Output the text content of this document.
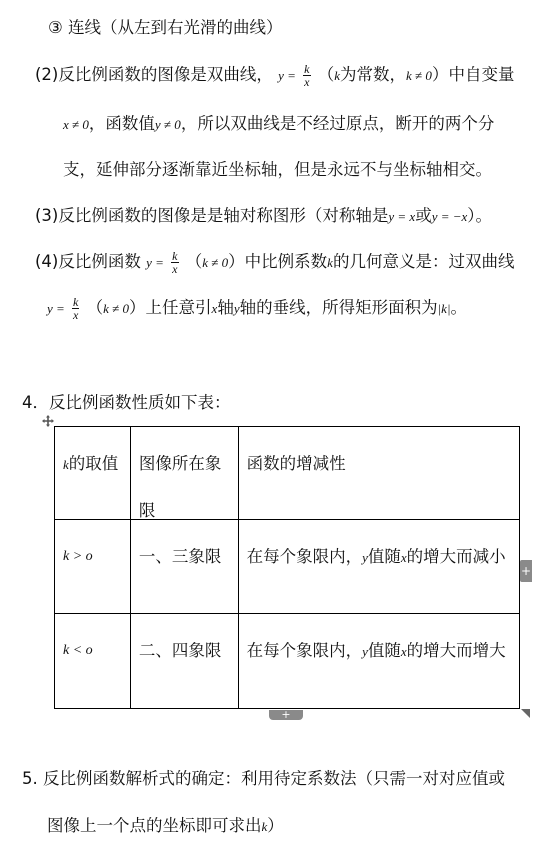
③ 连线（从左到右光滑的曲线）
(2)反比例函数的图像是双曲线， $y = \frac{k}{x} (k$为常数，k ≠ 0）中自变量
x ≠ 0，函数值y ≠ 0，所以双曲线是不经过原点，断开的两个分
支，延伸部分逐渐靠近坐标轴，但是永远不与坐标轴相交。
(3)反比例函数的图像是是轴对称图形（对称轴是y = x或y = −x）。
(4)反比例函数 $y = \frac{k}{x} (k \ne 0)$中比例系数k的几何意义是：过双曲线
$y = \frac{k}{x} (k \ne 0)$上任意引x轴y轴的垂线，所得矩形面积为|k|。
4．反比例函数性质如下表：
k的取值	图像所在象限	函数的增减性

k > o	一、三象限	在每个象限内，y值随x的增大而减小

k < o	二、四象限	在每个象限内，y值随x的增大而增大
+
+
5. 反比例函数解析式的确定：利用待定系数法（只需一对对应值或
图像上一个点的坐标即可求出k）
